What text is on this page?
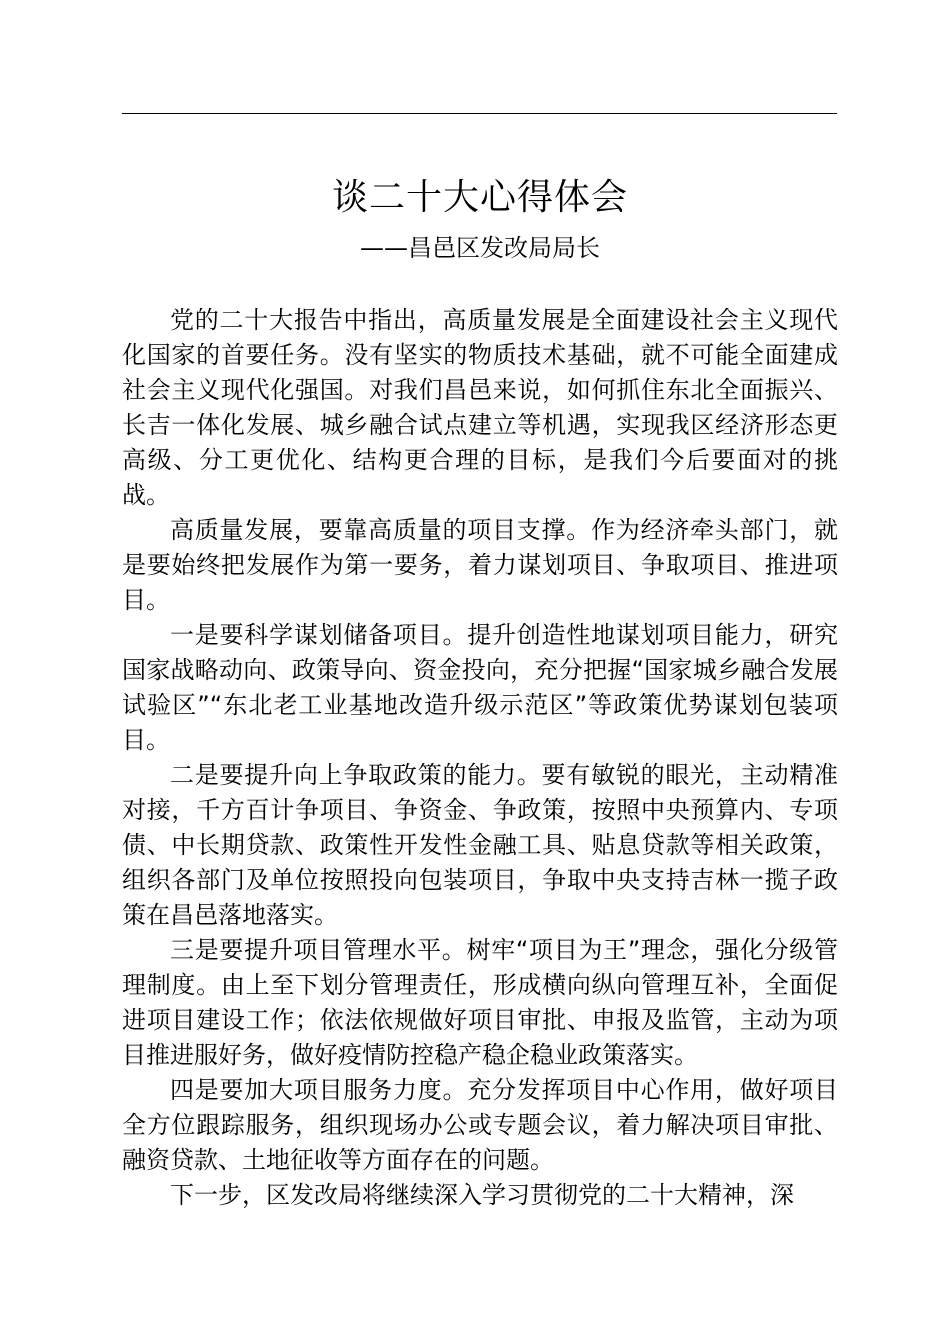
谈二十大心得体会
——昌邑区发改局局长

党的二十大报告中指出，高质量发展是全面建设社会主义现代化国家的首要任务。没有坚实的物质技术基础，就不可能全面建成社会主义现代化强国。对我们昌邑来说，如何抓住东北全面振兴、长吉一体化发展、城乡融合试点建立等机遇，实现我区经济形态更高级、分工更优化、结构更合理的目标，是我们今后要面对的挑战。

高质量发展，要靠高质量的项目支撑。作为经济牵头部门，就是要始终把发展作为第一要务，着力谋划项目、争取项目、推进项目。

一是要科学谋划储备项目。提升创造性地谋划项目能力，研究国家战略动向、政策导向、资金投向，充分把握“国家城乡融合发展试验区”“东北老工业基地改造升级示范区”等政策优势谋划包装项目。

二是要提升向上争取政策的能力。要有敏锐的眼光，主动精准对接，千方百计争项目、争资金、争政策，按照中央预算内、专项债、中长期贷款、政策性开发性金融工具、贴息贷款等相关政策，组织各部门及单位按照投向包装项目，争取中央支持吉林一揽子政策在昌邑落地落实。

三是要提升项目管理水平。树牢“项目为王”理念，强化分级管理制度。由上至下划分管理责任，形成横向纵向管理互补，全面促进项目建设工作；依法依规做好项目审批、申报及监管，主动为项目推进服好务，做好疫情防控稳产稳企稳业政策落实。

四是要加大项目服务力度。充分发挥项目中心作用，做好项目全方位跟踪服务，组织现场办公或专题会议，着力解决项目审批、融资贷款、土地征收等方面存在的问题。

下一步，区发改局将继续深入学习贯彻党的二十大精神，深
